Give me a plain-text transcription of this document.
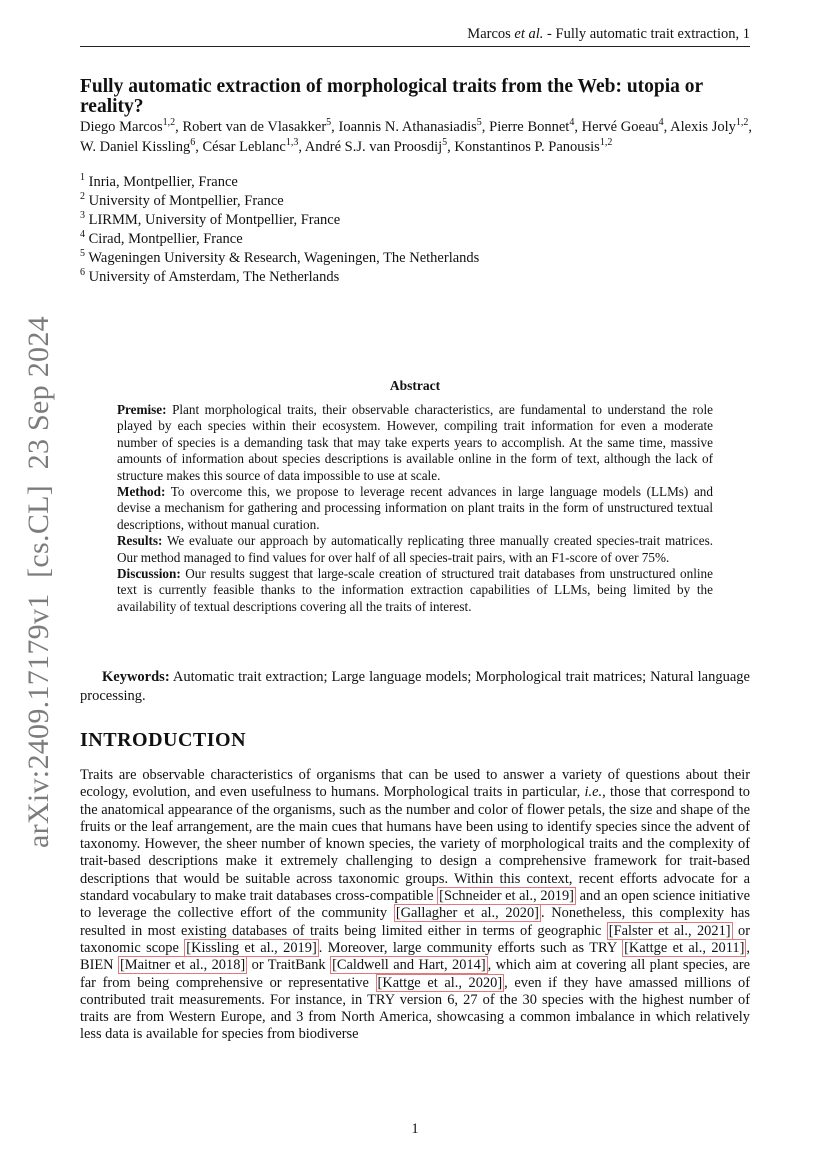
Marcos et al. - Fully automatic trait extraction, 1
Fully automatic extraction of morphological traits from the Web: utopia or reality?
Diego Marcos$^{1,2}$, Robert van de Vlasakker$^5$, Ioannis N. Athanasiadis$^5$, Pierre Bonnet$^4$, Hervé Goeau$^4$, Alexis Joly$^{1,2}$, W. Daniel Kissling$^6$, César Leblanc$^{1,3}$, André S.J. van Proosdij$^5$, Konstantinos P. Panousis$^{1,2}$
$^1$ Inria, Montpellier, France
$^2$ University of Montpellier, France
$^3$ LIRMM, University of Montpellier, France
$^4$ Cirad, Montpellier, France
$^5$ Wageningen University & Research, Wageningen, The Netherlands
$^6$ University of Amsterdam, The Netherlands
arXiv:2409.17179v1  [cs.CL]  23 Sep 2024	Abstract

Premise: Plant morphological traits, their observable characteristics, are fundamental to understand the role played by each species within their ecosystem. However, compiling trait information for even a moderate number of species is a demanding task that may take experts years to accomplish. At the same time, massive amounts of information about species descriptions is available online in the form of text, although the lack of structure makes this source of data impossible to use at scale.

Method: To overcome this, we propose to leverage recent advances in large language models (LLMs) and devise a mechanism for gathering and processing information on plant traits in the form of unstructured textual descriptions, without manual curation.

Results: We evaluate our approach by automatically replicating three manually created species-trait matrices. Our method managed to find values for over half of all species-trait pairs, with an F1-score of over 75%.

Discussion: Our results suggest that large-scale creation of structured trait databases from unstructured online text is currently feasible thanks to the information extraction capabilities of LLMs, being limited by the availability of textual descriptions covering all the traits of interest.

Keywords: Automatic trait extraction; Large language models; Morphological trait matrices; Natural language processing.
INTRODUCTION

Traits are observable characteristics of organisms that can be used to answer a variety of questions about their ecology, evolution, and even usefulness to humans. Morphological traits in particular, i.e., those that correspond to the anatomical appearance of the organisms, such as the number and color of flower petals, the size and shape of the fruits or the leaf arrangement, are the main cues that humans have been using to identify species since the advent of taxonomy. However, the sheer number of known species, the variety of morphological traits and the complexity of trait-based descriptions make it extremely challenging to design a comprehensive framework for trait-based descriptions that would be suitable across taxonomic groups. Within this context, recent efforts advocate for a standard vocabulary to make trait databases cross-compatible [Schneider et al., 2019] and an open science initiative to leverage the collective effort of the community [Gallagher et al., 2020] . Nonetheless, this complexity has resulted in most existing databases of traits being limited either in terms of geographic [Falster et al., 2021] or taxonomic scope [Kissling et al., 2019] . Moreover, large community efforts such as TRY [Kattge et al., 2011] , BIEN [Maitner et al., 2018] or TraitBank [Caldwell and Hart, 2014] , which aim at covering all plant species, are far from being comprehensive or representative [Kattge et al., 2020] , even if they have amassed millions of contributed trait measurements. For instance, in TRY version 6, 27 of the 30 species with the highest number of traits are from Western Europe, and 3 from North America, showcasing a common imbalance in which relatively less data is available for species from biodiverse

1
